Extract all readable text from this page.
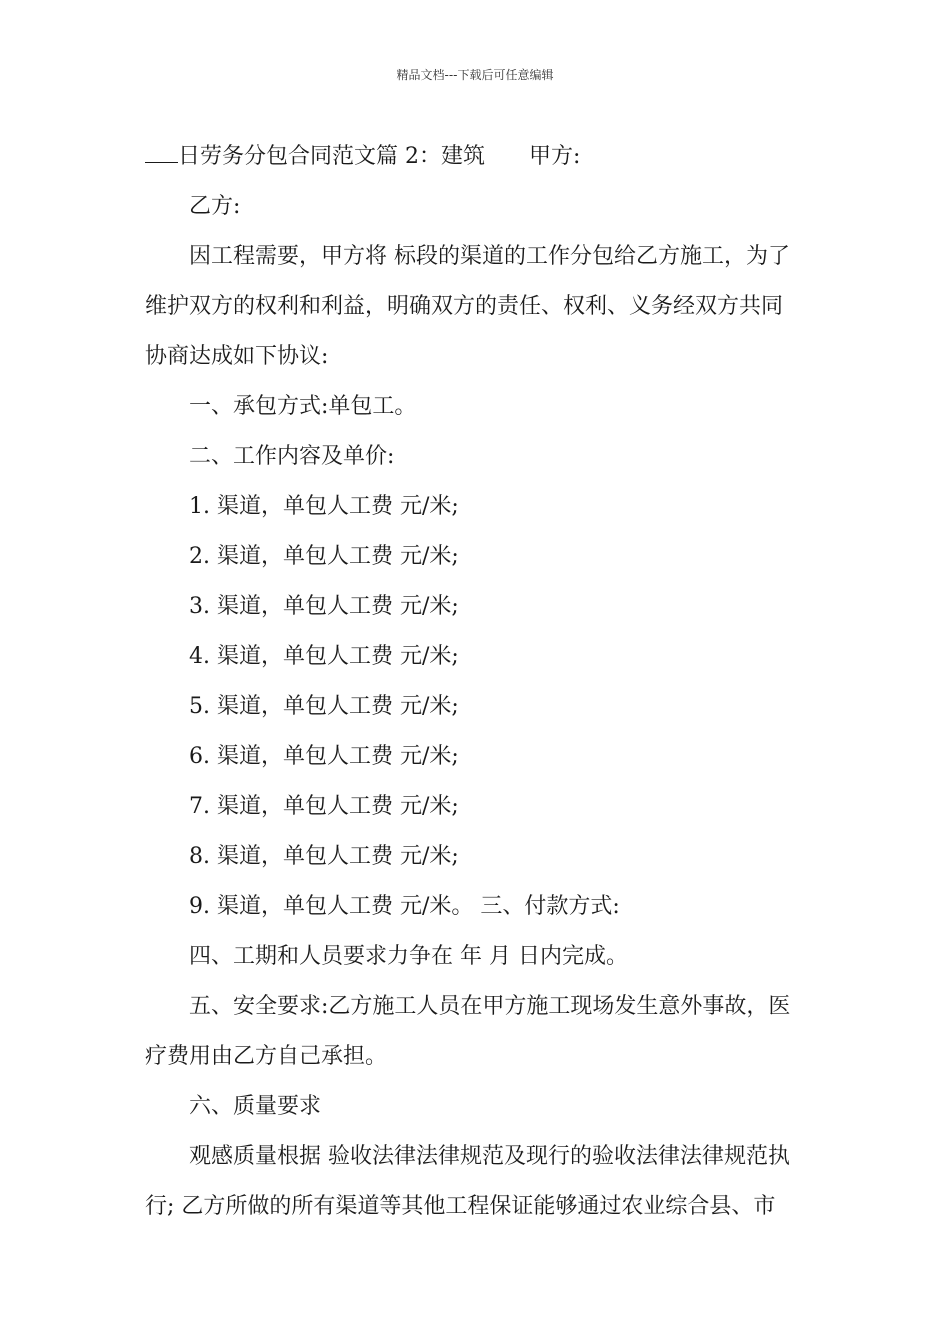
精品文档---下载后可任意编辑

日劳务分包合同范文篇 2：建筑 甲方:

乙方:

因工程需要，甲方将 标段的渠道的工作分包给乙方施工，为了

维护双方的权利和利益，明确双方的责任、权利、义务经双方共同

协商达成如下协议:

一、承包方式:单包工。

二、工作内容及单价:

1. 渠道，单包人工费 元/米;

2. 渠道，单包人工费 元/米;

3. 渠道，单包人工费 元/米;

4. 渠道，单包人工费 元/米;

5. 渠道，单包人工费 元/米;

6. 渠道，单包人工费 元/米;

7. 渠道，单包人工费 元/米;

8. 渠道，单包人工费 元/米;

9. 渠道，单包人工费 元/米。 三、付款方式:

四、工期和人员要求力争在 年 月 日内完成。

五、安全要求:乙方施工人员在甲方施工现场发生意外事故，医

疗费用由乙方自己承担。

六、质量要求

观感质量根据 验收法律法律规范及现行的验收法律法律规范执

行; 乙方所做的所有渠道等其他工程保证能够通过农业综合县、市
